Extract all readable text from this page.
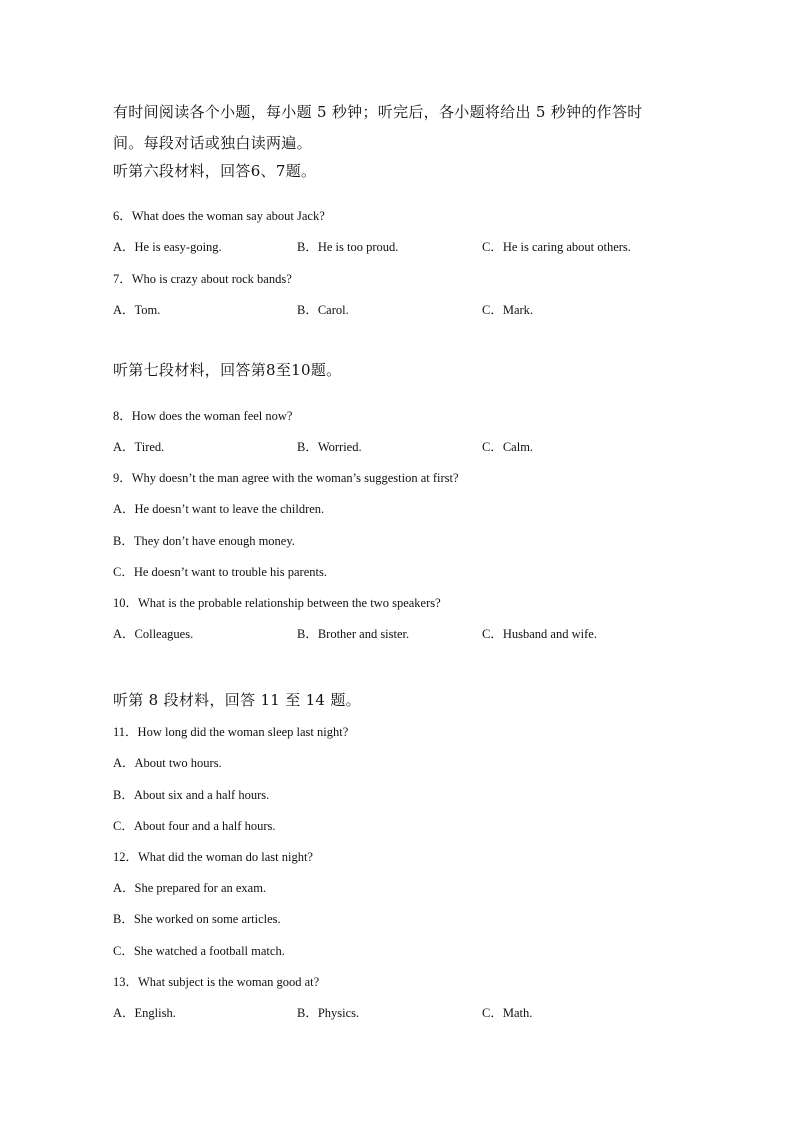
有时间阅读各个小题，每小题 5 秒钟；听完后，各小题将给出 5 秒钟的作答时
间。每段对话或独白读两遍。
听第六段材料，回答6、7题。
6．What does the woman say about Jack?
A．He is easy-going.	B．He is too proud.	C．He is caring about others.
7．Who is crazy about rock bands?
A．Tom.	B．Carol.	C．Mark.
听第七段材料，回答第8至10题。
8．How does the woman feel now?
A．Tired.	B．Worried.	C．Calm.
9．Why doesn’t the man agree with the woman’s suggestion at first?
A．He doesn’t want to leave the children.
B．They don’t have enough money.
C．He doesn’t want to trouble his parents.
10．What is the probable relationship between the two speakers?
A．Colleagues.	B．Brother and sister.	C．Husband and wife.
听第 8 段材料，回答 11 至 14 题。
11．How long did the woman sleep last night?
A．About two hours.
B．About six and a half hours.
C．About four and a half hours.
12．What did the woman do last night?
A．She prepared for an exam.
B．She worked on some articles.
C．She watched a football match.
13．What subject is the woman good at?
A．English.	B．Physics.	C．Math.
